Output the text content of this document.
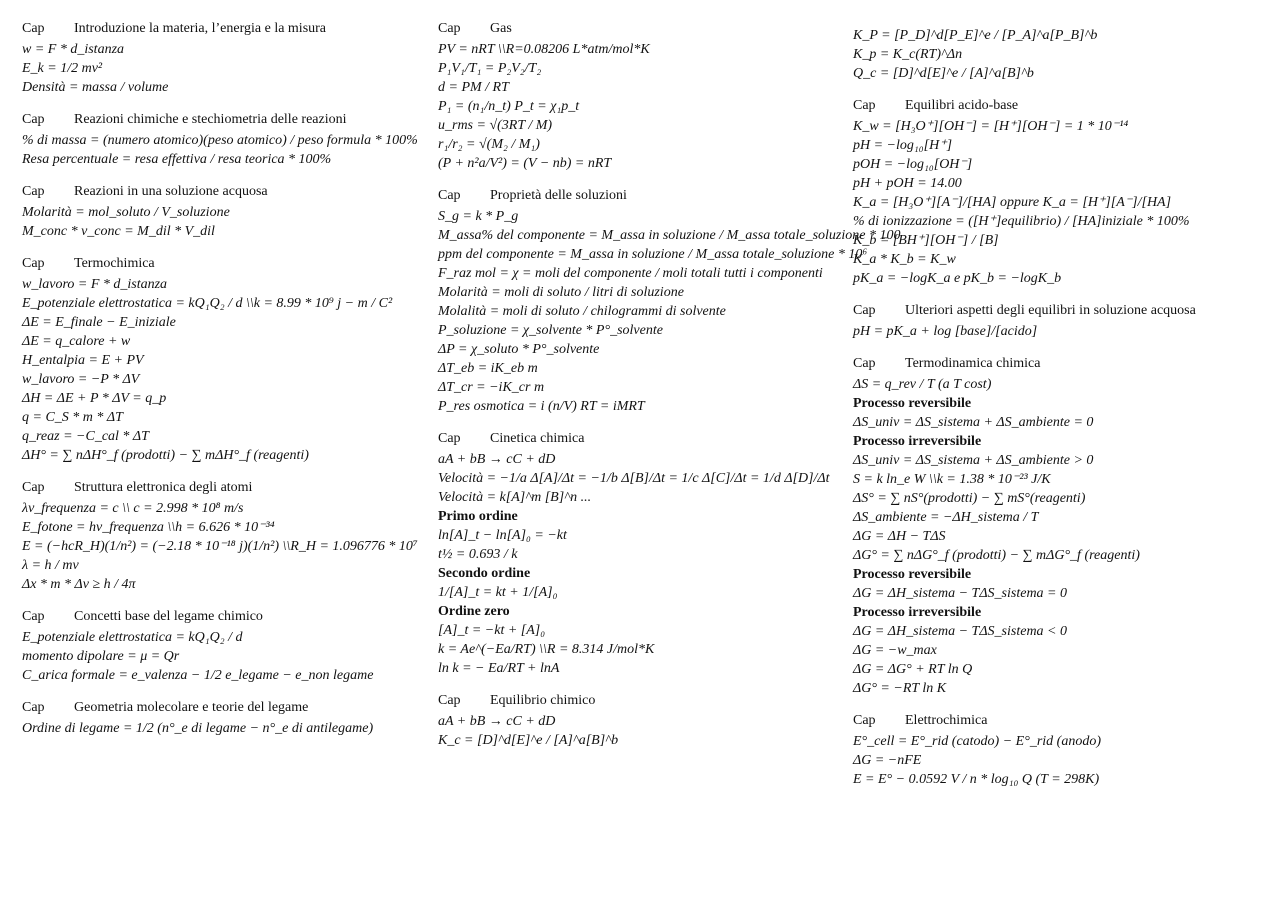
Cap	Introduzione la materia, l’energia e la misura
w = F * d_istanza
E_k = 1/2 mv²
Densità = massa / volume
Cap	Reazioni chimiche e stechiometria delle reazioni
% di massa = (numero atomico)(peso atomico) / peso formula * 100%
Resa percentuale = resa effettiva / resa teorica * 100%
Cap	Reazioni in una soluzione acquosa
Molarità = mol_soluto / V_soluzione
M_conc * v_conc = M_dil * V_dil
Cap	Termochimica
w_lavoro = F * d_istanza
E_potenziale elettrostatica = kQ₁Q₂ / d \\k = 8.99 * 10⁹ j − m / C²
ΔE = E_finale − E_iniziale
ΔE = q_calore + w
H_entalpia = E + PV
w_lavoro = −P * ΔV
ΔH = ΔE + P * ΔV = q_p
q = C_S * m * ΔT
q_reaz = −C_cal * ΔT
ΔH° = ∑ nΔH°_f (prodotti) − ∑ mΔH°_f (reagenti)
Cap	Struttura elettronica degli atomi
λv_frequenza = c \\ c = 2.998 * 10⁸ m/s
E_fotone = hv_frequenza \\h = 6.626 * 10⁻³⁴
E = (−hcR_H)(1/n²) = (−2.18 * 10⁻¹⁸ j)(1/n²) \\R_H = 1.096776 * 10⁷
λ = h / mv
Δx * m * Δv ≥ h / 4π
Cap	Concetti base del legame chimico
E_potenziale elettrostatica = kQ₁Q₂ / d
momento dipolare = μ = Qr
C_arica formale = e_valenza − 1/2 e_legame − e_non legame
Cap	Geometria molecolare e teorie del legame
Ordine di legame = 1/2 (n°_e di legame − n°_e di antilegame)
Cap	Gas
PV = nRT \\R=0.08206 L*atm/mol*K
P₁V₁/T₁ = P₂V₂/T₂
d = PM / RT
P₁ = (n₁/n_t) P_t = χ₁p_t
u_rms = √(3RT / M)
r₁/r₂ = √(M₂ / M₁)
(P + n²a/V²) = (V − nb) = nRT
Cap	Proprietà delle soluzioni
S_g = k * P_g
M_assa% del componente = M_assa in soluzione / M_assa totale_soluzione * 100
ppm del componente = M_assa in soluzione / M_assa totale_soluzione * 10⁶
F_raz mol = χ = moli del componente / moli totali tutti i componenti
Molarità = moli di soluto / litri di soluzione
Molalità = moli di soluto / chilogrammi di solvente
P_soluzione = χ_solvente * P°_solvente
ΔP = χ_soluto * P°_solvente
ΔT_eb = iK_eb m
ΔT_cr = −iK_cr m
P_res osmotica = i (n/V) RT = iMRT
Cap	Cinetica chimica
aA + bB → cC + dD
Velocità = −1/a Δ[A]/Δt = −1/b Δ[B]/Δt = 1/c Δ[C]/Δt = 1/d Δ[D]/Δt
Velocità = k[A]^m [B]^n ...
Primo ordine
ln[A]_t − ln[A]₀ = −kt
t½ = 0.693 / k
Secondo ordine
1/[A]_t = kt + 1/[A]₀
Ordine zero
[A]_t = −kt + [A]₀
k = Ae^(−Ea/RT) \\R = 8.314 J/mol*K
ln k = − Ea/RT + lnA
Cap	Equilibrio chimico
aA + bB → cC + dD
K_c = [D]^d[E]^e / [A]^a[B]^b
K_P = [P_D]^d[P_E]^e / [P_A]^a[P_B]^b
K_p = K_c(RT)^Δn
Q_c = [D]^d[E]^e / [A]^a[B]^b
Cap	Equilibri acido-base
K_w = [H₃O⁺][OH⁻] = [H⁺][OH⁻] = 1 * 10⁻¹⁴
pH = −log₁₀[H⁺]
pOH = −log₁₀[OH⁻]
pH + pOH = 14.00
K_a = [H₃O⁺][A⁻]/[HA] oppure K_a = [H⁺][A⁻]/[HA]
% di ionizzazione = ([H⁺]equilibrio) / [HA]iniziale * 100%
K_b = [BH⁺][OH⁻] / [B]
K_a * K_b = K_w
pK_a = −logK_a e pK_b = −logK_b
Cap	Ulteriori aspetti degli equilibri in soluzione acquosa
pH = pK_a + log [base]/[acido]
Cap	Termodinamica chimica
ΔS = q_rev / T (a T cost)
Processo reversibile
ΔS_univ = ΔS_sistema + ΔS_ambiente = 0
Processo irreversibile
ΔS_univ = ΔS_sistema + ΔS_ambiente > 0
S = k ln_e W \\k = 1.38 * 10⁻²³ J/K
ΔS° = ∑ nS°(prodotti) − ∑ mS°(reagenti)
ΔS_ambiente = −ΔH_sistema / T
ΔG = ΔH − TΔS
ΔG° = ∑ nΔG°_f (prodotti) − ∑ mΔG°_f (reagenti)
Processo reversibile
ΔG = ΔH_sistema − TΔS_sistema = 0
Processo irreversibile
ΔG = ΔH_sistema − TΔS_sistema < 0
ΔG = −w_max
ΔG = ΔG° + RT ln Q
ΔG° = −RT ln K
Cap	Elettrochimica
E°_cell = E°_rid (catodo) − E°_rid (anodo)
ΔG = −nFE
E = E° − 0.0592 V / n * log₁₀ Q (T = 298K)
